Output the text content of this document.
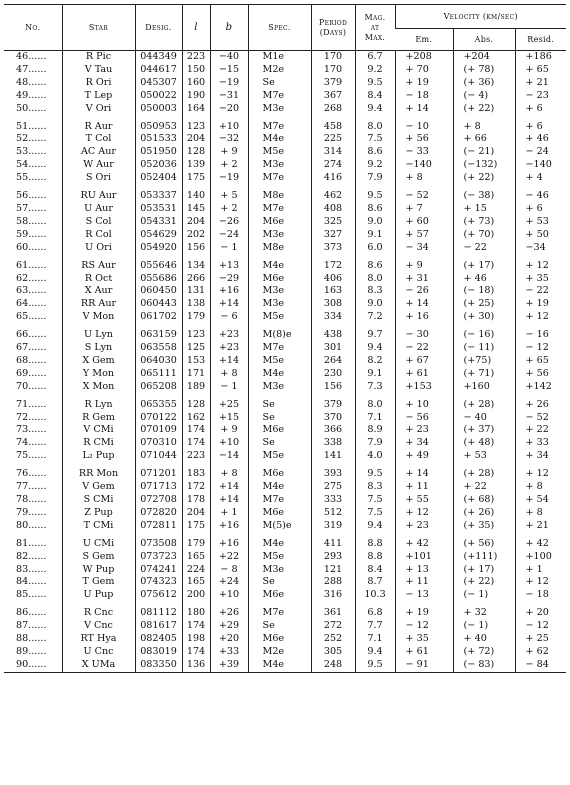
No.	Star	Desig.	l	b	Spec.	Period (Days)	Mag. at Max.	Velocity (km/sec)		
								Em.	Abs.	Resid.
46......	R Pic	044349	223	−40	M1e	170	6.7	+208	+204	+186
47......	V Tau	044617	150	−15	M2e	170	9.2	+ 70	(+ 78)	+ 65
48......	R Ori	045307	160	−19	Se	379	9.5	+ 19	(+ 36)	+ 21
49......	T Lep	050022	190	−31	M7e	367	8.4	− 18	(− 4)	− 23
50......	V Ori	050003	164	−20	M3e	268	9.4	+ 14	(+ 22)	+ 6
51......	R Aur	050953	123	+10	M7e	458	8.0	− 10	+ 8	+ 6
52......	T Col	051533	204	−32	M4e	225	7.5	+ 56	+ 66	+ 46
53......	AC Aur	051950	128	+ 9	M5e	314	8.6	− 33	(− 21)	− 24
54......	W Aur	052036	139	+ 2	M3e	274	9.2	−140	(−132)	−140
55......	S Ori	052404	175	−19	M7e	416	7.9	+ 8	(+ 22)	+ 4
56......	RU Aur	053337	140	+ 5	M8e	462	9.5	− 52	(− 38)	− 46
57......	U Aur	053531	145	+ 2	M7e	408	8.6	+ 7	+ 15	+ 6
58......	S Col	054331	204	−26	M6e	325	9.0	+ 60	(+ 73)	+ 53
59......	R Col	054629	202	−24	M3e	327	9.1	+ 57	(+ 70)	+ 50
60......	U Ori	054920	156	− 1	M8e	373	6.0	− 34	− 22	−34
61......	RS Aur	055646	134	+13	M4e	172	8.6	+ 9	(+ 17)	+ 12
62......	R Oct	055686	266	−29	M6e	406	8.0	+ 31	+ 46	+ 35
63......	X Aur	060450	131	+16	M3e	163	8.3	− 26	(− 18)	− 22
64......	RR Aur	060443	138	+14	M3e	308	9.0	+ 14	(+ 25)	+ 19
65......	V Mon	061702	179	− 6	M5e	334	7.2	+ 16	(+ 30)	+ 12
66......	U Lyn	063159	123	+23	M(8)e	438	9.7	− 30	(− 16)	− 16
67......	S Lyn	063558	125	+23	M7e	301	9.4	− 22	(− 11)	− 12
68......	X Gem	064030	153	+14	M5e	264	8.2	+ 67	(+75)	+ 65
69......	Y Mon	065111	171	+ 8	M4e	230	9.1	+ 61	(+ 71)	+ 56
70......	X Mon	065208	189	− 1	M3e	156	7.3	+153	+160	+142
71......	R Lyn	065355	128	+25	Se	379	8.0	+ 10	(+ 28)	+ 26
72......	R Gem	070122	162	+15	Se	370	7.1	− 56	− 40	− 52
73......	V CMi	070109	174	+ 9	M6e	366	8.9	+ 23	(+ 37)	+ 22
74......	R CMi	070310	174	+10	Se	338	7.9	+ 34	(+ 48)	+ 33
75......	L₂ Pup	071044	223	−14	M5e	141	4.0	+ 49	+ 53	+ 34
76......	RR Mon	071201	183	+ 8	M6e	393	9.5	+ 14	(+ 28)	+ 12
77......	V Gem	071713	172	+14	M4e	275	8.3	+ 11	+ 22	+ 8
78......	S CMi	072708	178	+14	M7e	333	7.5	+ 55	(+ 68)	+ 54
79......	Z Pup	072820	204	+ 1	M6e	512	7.5	+ 12	(+ 26)	+ 8
80......	T CMi	072811	175	+16	M(5)e	319	9.4	+ 23	(+ 35)	+ 21
81......	U CMi	073508	179	+16	M4e	411	8.8	+ 42	(+ 56)	+ 42
82......	S Gem	073723	165	+22	M5e	293	8.8	+101	(+111)	+100
83......	W Pup	074241	224	− 8	M3e	121	8.4	+ 13	(+ 17)	+ 1
84......	T Gem	074323	165	+24	Se	288	8.7	+ 11	(+ 22)	+ 12
85......	U Pup	075612	200	+10	M6e	316	10.3	− 13	(− 1)	− 18
86......	R Cnc	081112	180	+26	M7e	361	6.8	+ 19	+ 32	+ 20
87......	V Cnc	081617	174	+29	Se	272	7.7	− 12	(− 1)	− 12
88......	RT Hya	082405	198	+20	M6e	252	7.1	+ 35	+ 40	+ 25
89......	U Cnc	083019	174	+33	M2e	305	9.4	+ 61	(+ 72)	+ 62
90......	X UMa	083350	136	+39	M4e	248	9.5	− 91	(− 83)	− 84
